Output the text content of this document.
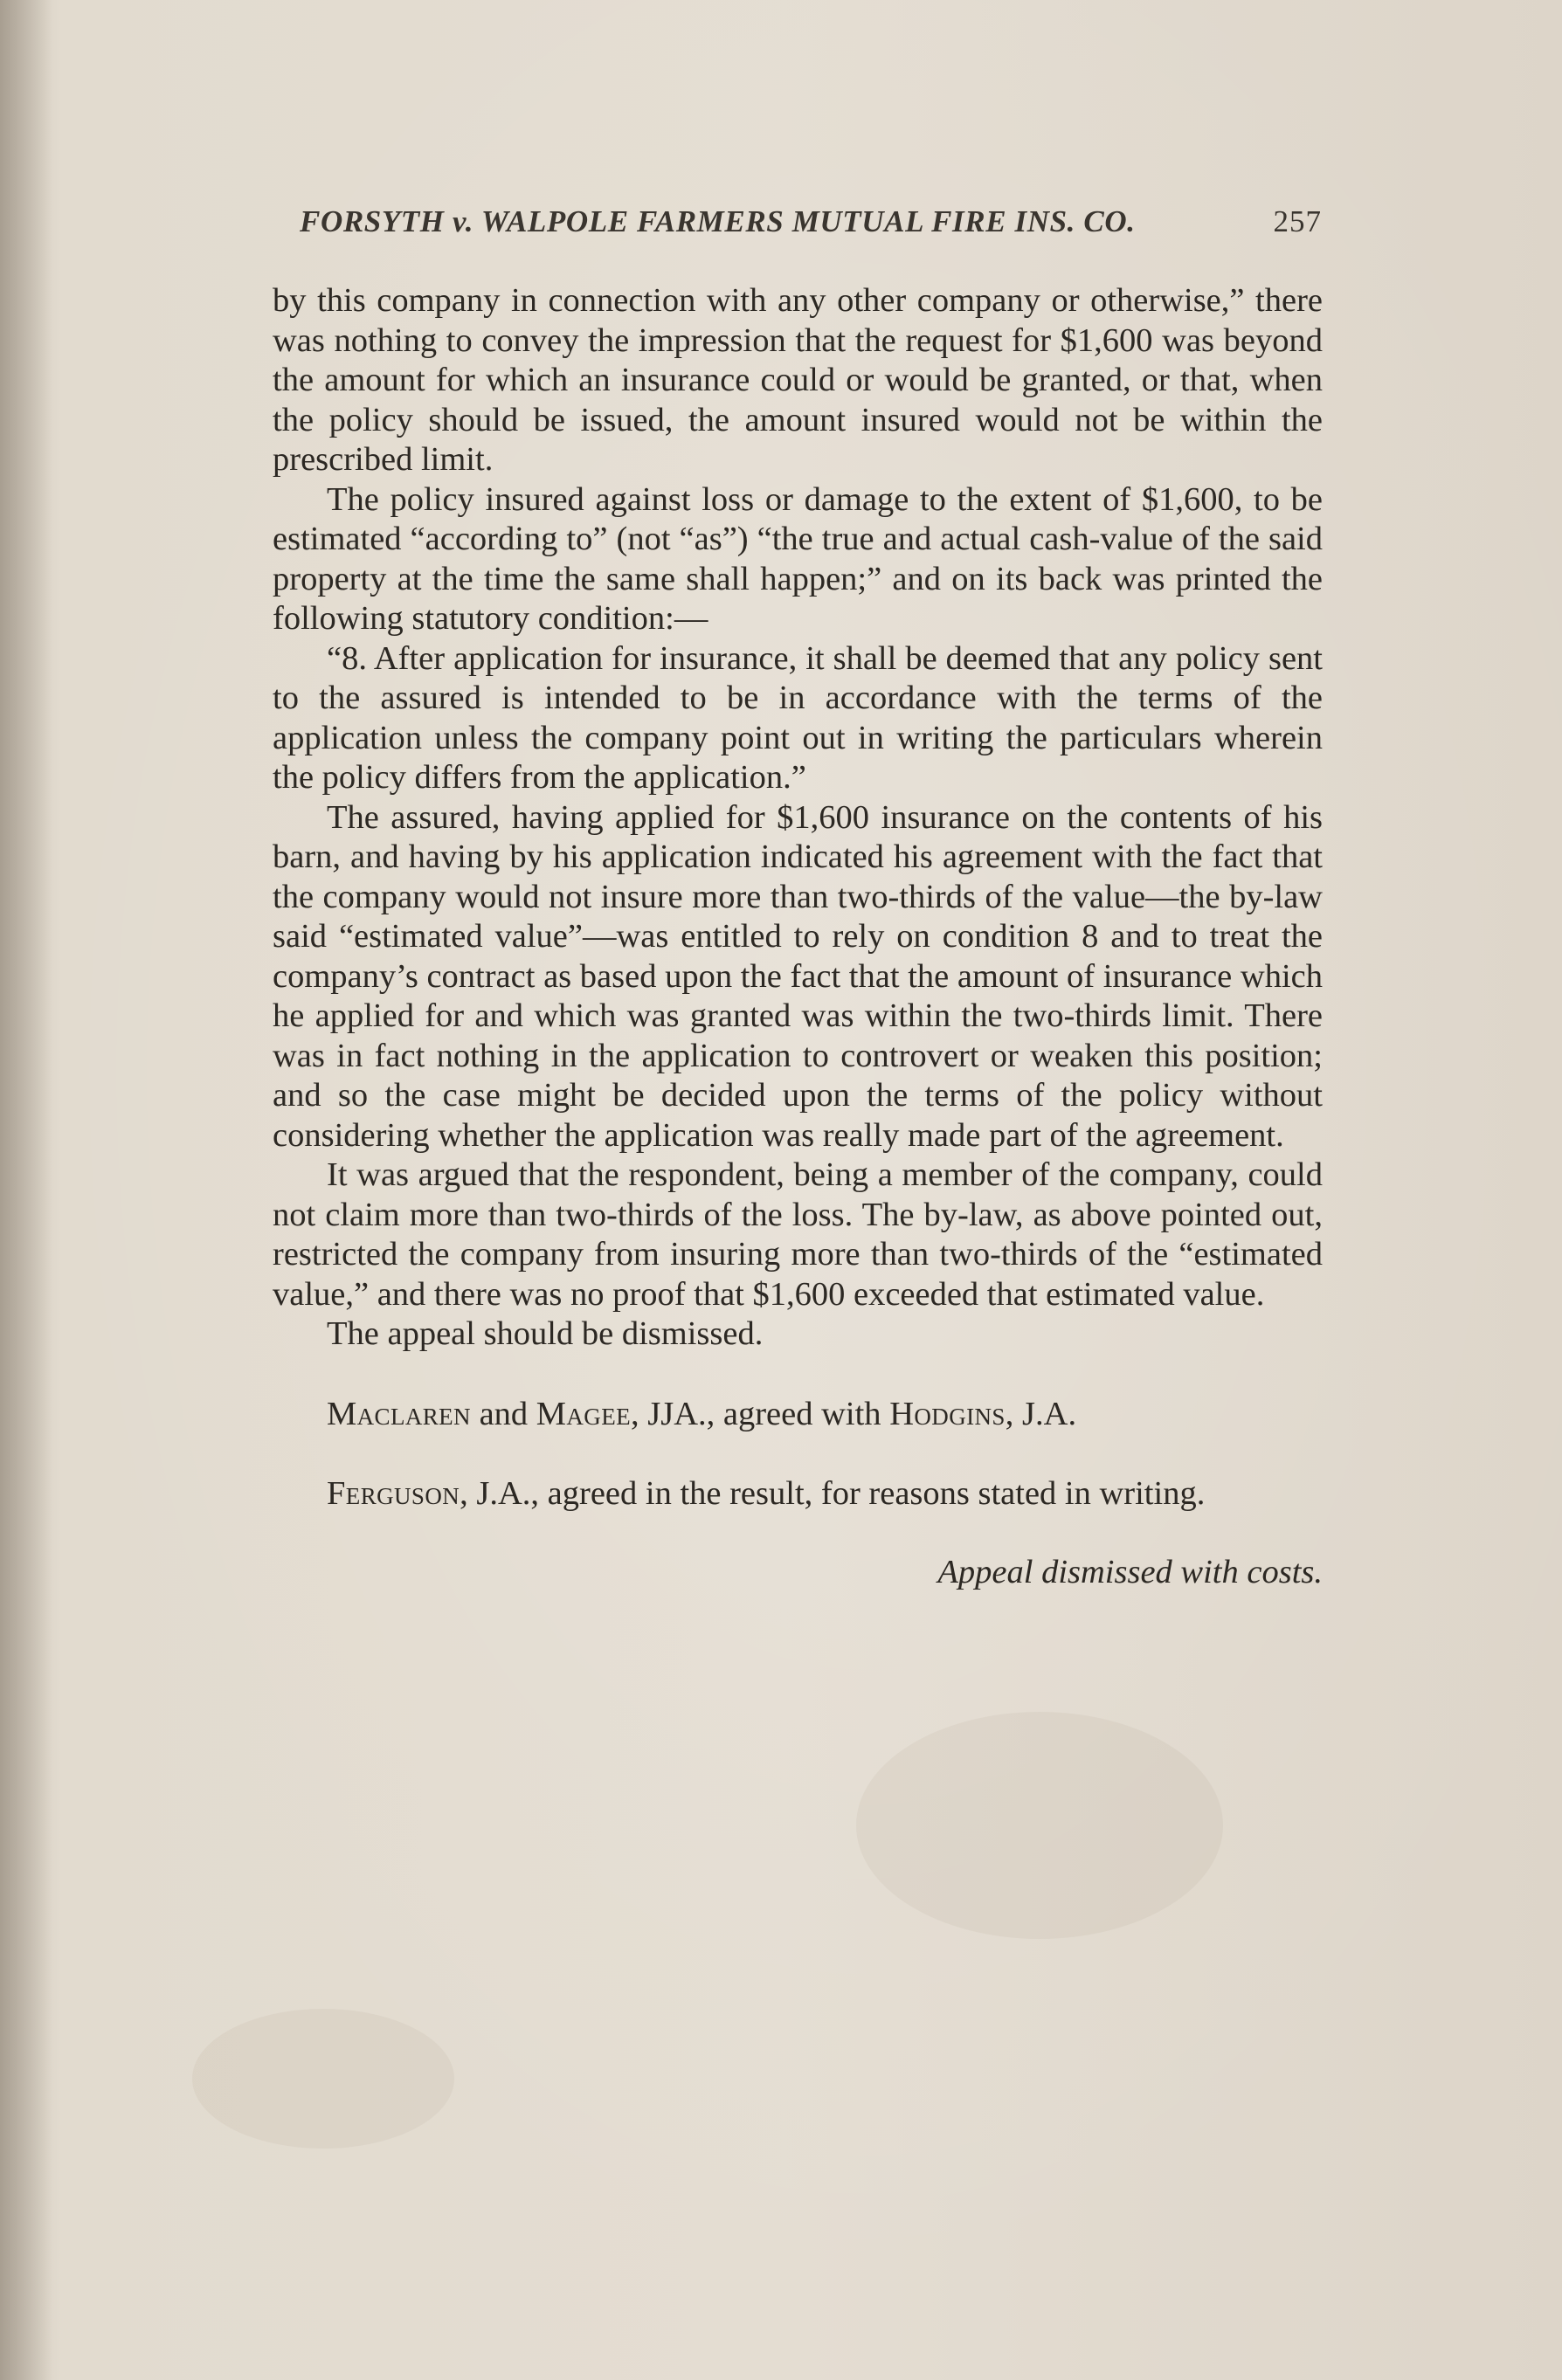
FORSYTH v. WALPOLE FARMERS MUTUAL FIRE INS. CO.	257

by this company in connection with any other company or otherwise,” there was nothing to convey the impression that the request for $1,600 was beyond the amount for which an insurance could or would be granted, or that, when the policy should be issued, the amount insured would not be within the prescribed limit.

The policy insured against loss or damage to the extent of $1,600, to be estimated “according to” (not “as”) “the true and actual cash-value of the said property at the time the same shall happen;” and on its back was printed the following statutory condition:—

“8. After application for insurance, it shall be deemed that any policy sent to the assured is intended to be in accordance with the terms of the application unless the company point out in writing the particulars wherein the policy differs from the application.”

The assured, having applied for $1,600 insurance on the contents of his barn, and having by his application indicated his agreement with the fact that the company would not insure more than two-thirds of the value—the by-law said “estimated value”—was entitled to rely on condition 8 and to treat the company’s contract as based upon the fact that the amount of insurance which he applied for and which was granted was within the two-thirds limit. There was in fact nothing in the application to controvert or weaken this position; and so the case might be decided upon the terms of the policy without considering whether the application was really made part of the agreement.

It was argued that the respondent, being a member of the company, could not claim more than two-thirds of the loss. The by-law, as above pointed out, restricted the company from insuring more than two-thirds of the “estimated value,” and there was no proof that $1,600 exceeded that estimated value.

The appeal should be dismissed.

Maclaren and Magee, JJA., agreed with Hodgins, J.A.

Ferguson, J.A., agreed in the result, for reasons stated in writing.

Appeal dismissed with costs.
